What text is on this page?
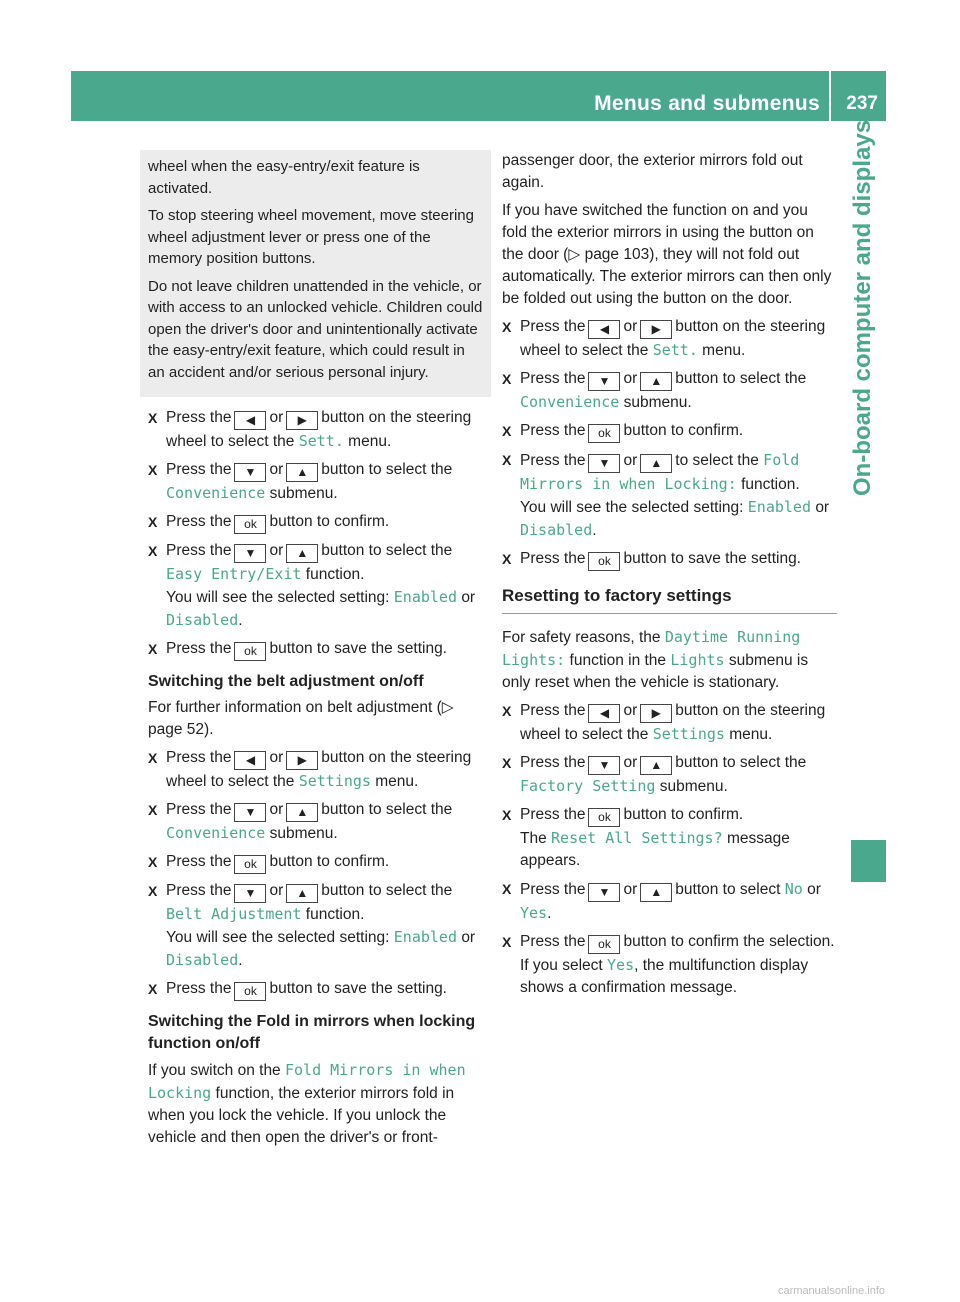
Menus and submenus 237
On-board computer and displays

wheel when the easy-entry/exit feature is activated.

To stop steering wheel movement, move steering wheel adjustment lever or press one of the memory position buttons.

Do not leave children unattended in the vehicle, or with access to an unlocked vehicle. Children could open the driver's door and unintentionally activate the easy-entry/exit feature, which could result in an accident and/or serious personal injury.

X Press the ◀ or ▶ button on the steering wheel to select the Sett. menu.
X Press the ▼ or ▲ button to select the Convenience submenu.
X Press the ok button to confirm.
X Press the ▼ or ▲ button to select the Easy Entry/Exit function.
You will see the selected setting: Enabled or Disabled.
X Press the ok button to save the setting.
Switching the belt adjustment on/off

For further information on belt adjustment (▷ page 52).

X Press the ◀ or ▶ button on the steering wheel to select the Settings menu.
X Press the ▼ or ▲ button to select the Convenience submenu.
X Press the ok button to confirm.
X Press the ▼ or ▲ button to select the Belt Adjustment function.
You will see the selected setting: Enabled or Disabled.
X Press the ok button to save the setting.
Switching the Fold in mirrors when locking function on/off

If you switch on the Fold Mirrors in when Locking function, the exterior mirrors fold in when you lock the vehicle. If you unlock the vehicle and then open the driver's or front-

passenger door, the exterior mirrors fold out again.

If you have switched the function on and you fold the exterior mirrors in using the button on the door (▷ page 103), they will not fold out automatically. The exterior mirrors can then only be folded out using the button on the door.

X Press the ◀ or ▶ button on the steering wheel to select the Sett. menu.
X Press the ▼ or ▲ button to select the Convenience submenu.
X Press the ok button to confirm.
X Press the ▼ or ▲ to select the Fold Mirrors in when Locking: function.
You will see the selected setting: Enabled or Disabled.
X Press the ok button to save the setting.
Resetting to factory settings

For safety reasons, the Daytime Running Lights: function in the Lights submenu is only reset when the vehicle is stationary.

X Press the ◀ or ▶ button on the steering wheel to select the Settings menu.
X Press the ▼ or ▲ button to select the Factory Setting submenu.
X Press the ok button to confirm.
The Reset All Settings? message appears.
X Press the ▼ or ▲ button to select No or Yes.
X Press the ok button to confirm the selection.
If you select Yes, the multifunction display shows a confirmation message.
carmanualsonline.info
